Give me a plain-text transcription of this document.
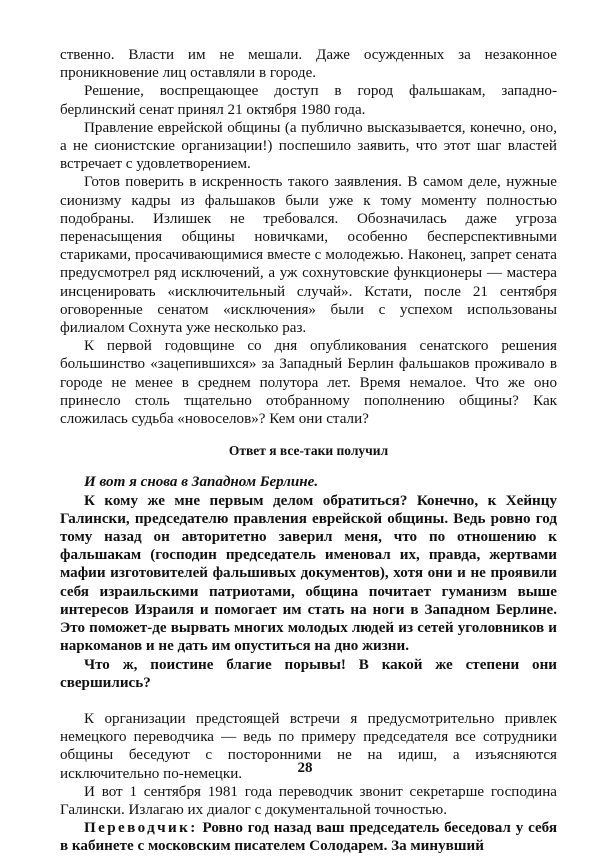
ственно. Власти им не мешали. Даже осужденных за незаконное проникновение лиц оставляли в городе.

Решение, воспрещающее доступ в город фальшакам, западно-берлинский сенат принял 21 октября 1980 года.

Правление еврейской общины (а публично высказывается, конечно, оно, а не сионистские организации!) поспешило заявить, что этот шаг властей встречает с удовлетворением.

Готов поверить в искренность такого заявления. В самом деле, нужные сионизму кадры из фальшаков были уже к тому моменту полностью подобраны. Излишек не требовался. Обозначилась даже угроза перенасыщения общины новичками, особенно бесперспективными стариками, просачивающимися вместе с молодежью. Наконец, запрет сената предусмотрел ряд исключений, а уж сохнутовские функционеры — мастера инсценировать «исключительный случай». Кстати, после 21 сентября оговоренные сенатом «исключения» были с успехом использованы филиалом Сохнута уже несколько раз.

К первой годовщине со дня опубликования сенатского решения большинство «зацепившихся» за Западный Берлин фальшаков проживало в городе не менее в среднем полутора лет. Время немалое. Что же оно принесло столь тщательно отобранному пополнению общины? Как сложилась судьба «новоселов»? Кем они стали?

Ответ я все-таки получил

И вот я снова в Западном Берлине.

К кому же мне первым делом обратиться? Конечно, к Хейнцу Галински, председателю правления еврейской общины. Ведь ровно год тому назад он авторитетно заверил меня, что по отношению к фальшакам (господин председатель именовал их, правда, жертвами мафии изготовителей фальшивых документов), хотя они и не проявили себя израильскими патриотами, община почитает гуманизм выше интересов Израиля и помогает им стать на ноги в Западном Берлине. Это поможет-де вырвать многих молодых людей из сетей уголовников и наркоманов и не дать им опуститься на дно жизни.

Что ж, поистине благие порывы! В какой же степени они свершились?

К организации предстоящей встречи я предусмотрительно привлек немецкого переводчика — ведь по примеру председателя все сотрудники общины беседуют с посторонними не на идиш, а изъясняются исключительно по-немецки.

И вот 1 сентября 1981 года переводчик звонит секретарше господина Галински. Излагаю их диалог с документальной точностью.

Переводчик: Ровно год назад ваш председатель беседовал у себя в кабинете с московским писателем Солодарем. За минувший

28
